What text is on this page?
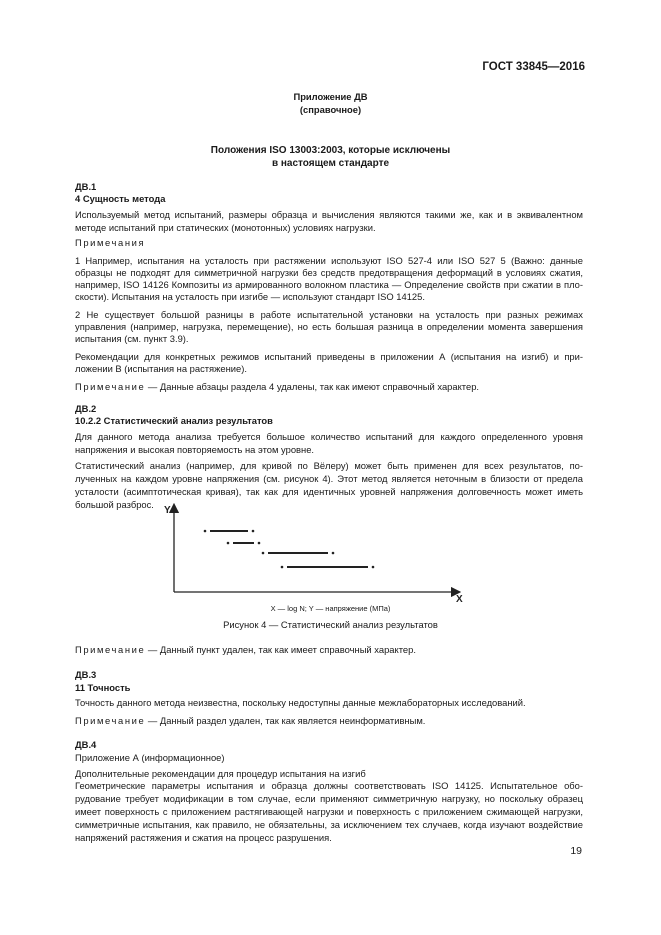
ГОСТ 33845—2016
Приложение ДВ
(справочное)
Положения ISO 13003:2003, которые исключены
в настоящем стандарте
ДВ.1
4 Сущность метода
Используемый метод испытаний, размеры образца и вычисления являются такими же, как и в эквивалентном
методе испытаний при статических (монотонных) условиях нагрузки.
Примечания
1 Например, испытания на усталость при растяжении используют ISO 527-4 или ISO 527 5 (Важно: данные
образцы не подходят для симметричной нагрузки без средств предотвращения деформаций в условиях сжатия,
например, ISO 14126 Композиты из армированного волокном пластика — Определение свойств при сжатии в пло-
скости). Испытания на усталость при изгибе — используют стандарт ISO 14125.
2 Не существует большой разницы в работе испытательной установки на усталость при разных режимах
управления (например, нагрузка, перемещение), но есть большая разница в определении момента завершения
испытания (см. пункт 3.9).
Рекомендации для конкретных режимов испытаний приведены в приложении А (испытания на изгиб) и при-
ложении В (испытания на растяжение).
Примечание — Данные абзацы раздела 4 удалены, так как имеют справочный характер.
ДВ.2
10.2.2 Статистический анализ результатов
Для данного метода анализа требуется большое количество испытаний для каждого определенного уровня
напряжения и высокая повторяемость на этом уровне.
Статистический анализ (например, для кривой по Вёлеру) может быть применен для всех результатов, по-
лученных на каждом уровне напряжения (см. рисунок 4). Этот метод является неточным в близости от предела
усталости (асимптотическая кривая), так как для идентичных уровней напряжения долговечность может иметь
большой разброс.
Y
X
X — log N; Y — напряжение (МПа)
Рисунок 4 — Статистический анализ результатов
Примечание — Данный пункт удален, так как имеет справочный характер.
ДВ.3
11 Точность
Точность данного метода неизвестна, поскольку недоступны данные межлабораторных исследований.
Примечание — Данный раздел удален, так как является неинформативным.
ДВ.4
Приложение А (информационное)
Дополнительные рекомендации для процедур испытания на изгиб
Геометрические параметры испытания и образца должны соответствовать ISO 14125. Испытательное обо-
рудование требует модификации в том случае, если применяют симметричную нагрузку, но поскольку образец
имеет поверхность с приложением растягивающей нагрузки и поверхность с приложением сжимающей нагрузки,
симметричные испытания, как правило, не обязательны, за исключением тех случаев, когда изучают воздействие
напряжений растяжения и сжатия на процесс разрушения.
19
